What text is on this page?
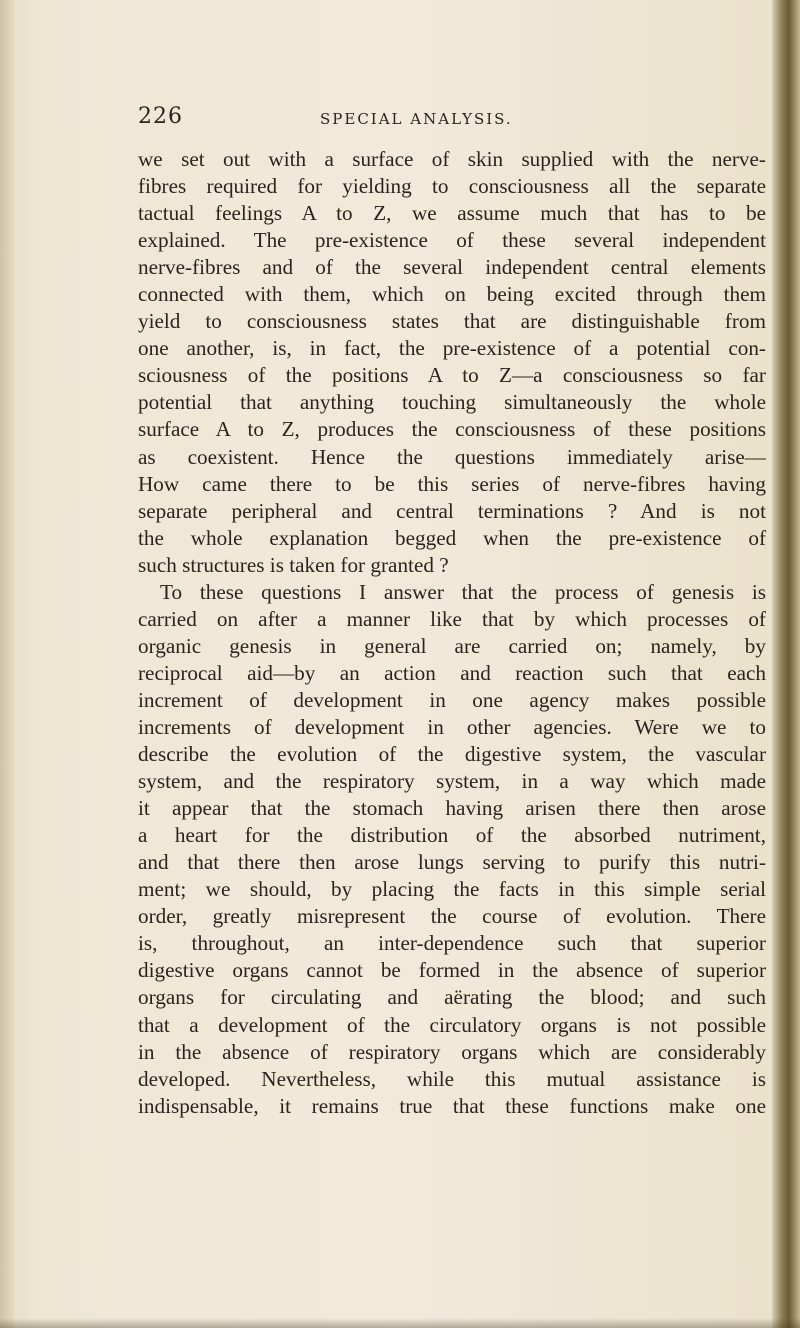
226	SPECIAL ANALYSIS.
we set out with a surface of skin supplied with the nerve-
fibres required for yielding to consciousness all the separate
tactual feelings A to Z, we assume much that has to be
explained. The pre-existence of these several independent
nerve-fibres and of the several independent central elements
connected with them, which on being excited through them
yield to consciousness states that are distinguishable from
one another, is, in fact, the pre-existence of a potential con-
sciousness of the positions A to Z—a consciousness so far
potential that anything touching simultaneously the whole
surface A to Z, produces the consciousness of these positions
as coexistent. Hence the questions immediately arise—
How came there to be this series of nerve-fibres having
separate peripheral and central terminations ? And is not
the whole explanation begged when the pre-existence of
such structures is taken for granted ?
To these questions I answer that the process of genesis is
carried on after a manner like that by which processes of
organic genesis in general are carried on; namely, by
reciprocal aid—by an action and reaction such that each
increment of development in one agency makes possible
increments of development in other agencies. Were we to
describe the evolution of the digestive system, the vascular
system, and the respiratory system, in a way which made
it appear that the stomach having arisen there then arose
a heart for the distribution of the absorbed nutriment,
and that there then arose lungs serving to purify this nutri-
ment; we should, by placing the facts in this simple serial
order, greatly misrepresent the course of evolution. There
is, throughout, an inter-dependence such that superior
digestive organs cannot be formed in the absence of superior
organs for circulating and aërating the blood; and such
that a development of the circulatory organs is not possible
in the absence of respiratory organs which are considerably
developed. Nevertheless, while this mutual assistance is
indispensable, it remains true that these functions make one
